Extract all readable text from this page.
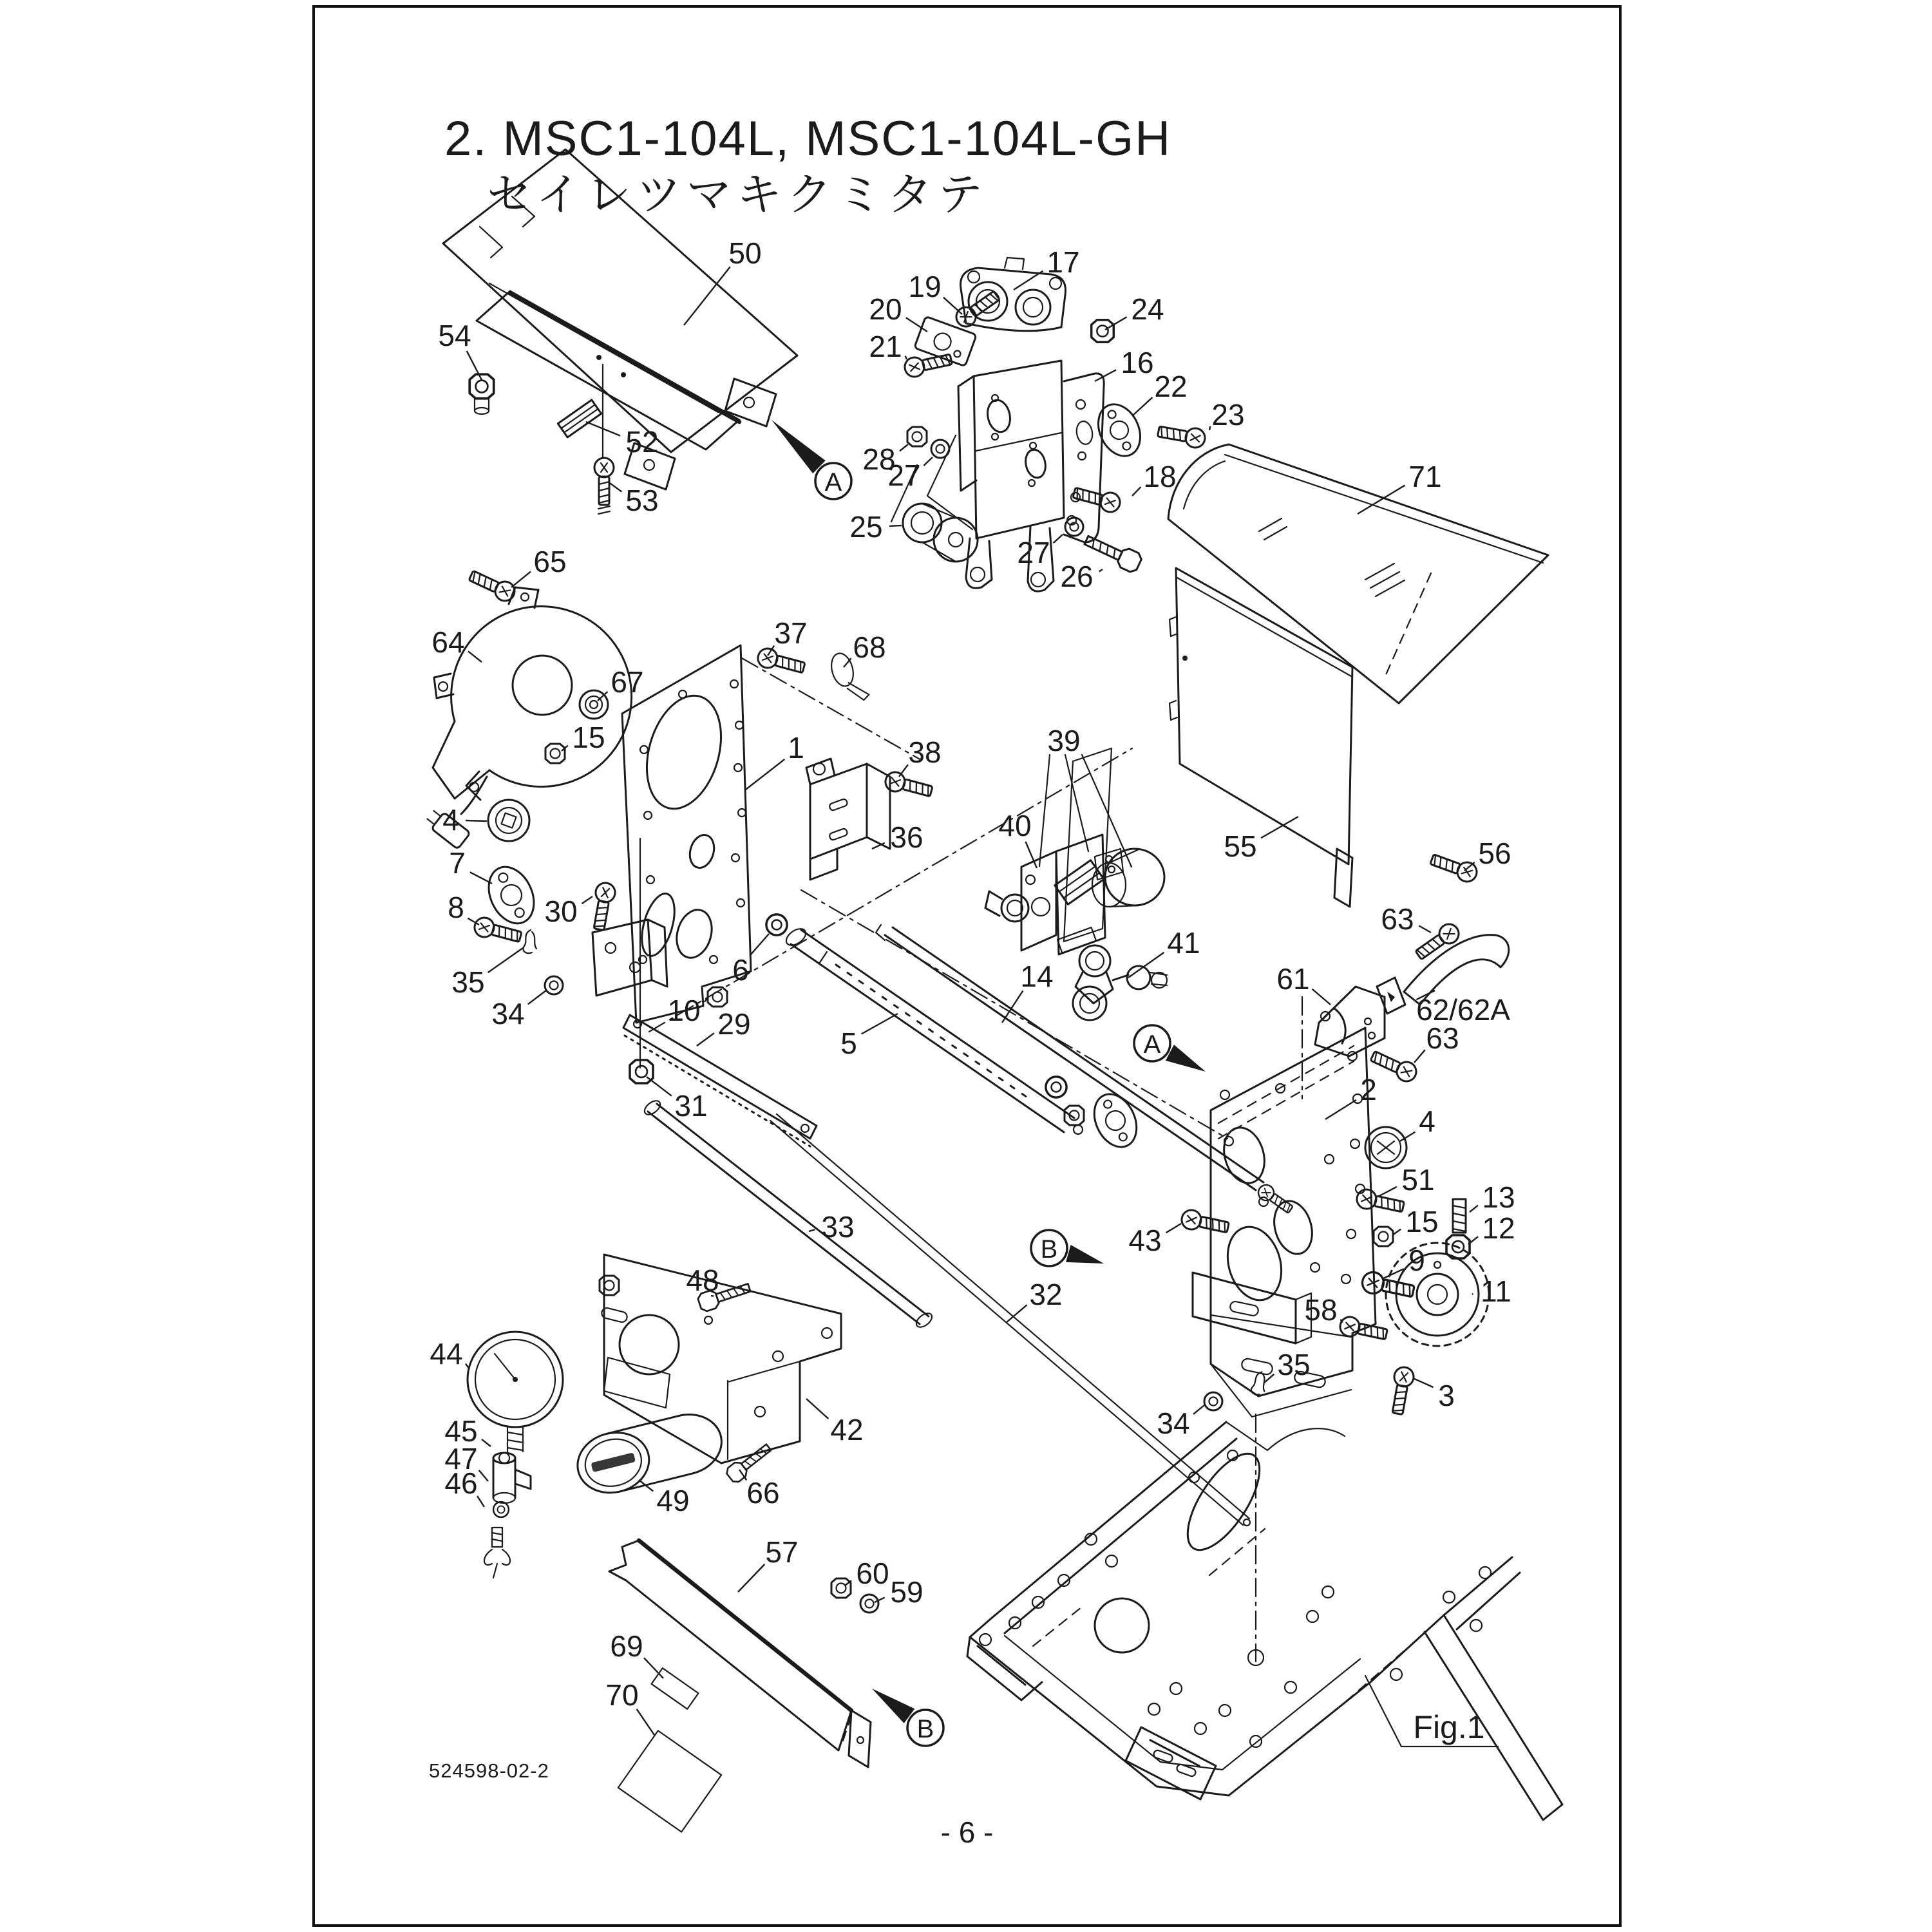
2. MSC1-104L, MSC1-104L-GH
セイレツマキクミタテ
524598-02-2
- 6 -
50
54
52
53
17
19
20	24
21	16
22
23
28
27	18
25
27
26
71
55	56
65
64	37 68
67
15	1	38	39
36	40
4
7
8	30
35
34
6
10 29
31
5
14
41
63
61
62/62A
63
2
4
51
13
15 12
9
11
43
58
32
35
3
34
33
48
44
42
45
47
46
49 66
57
60
59
69
70
Fig.1
A
A
B
B
